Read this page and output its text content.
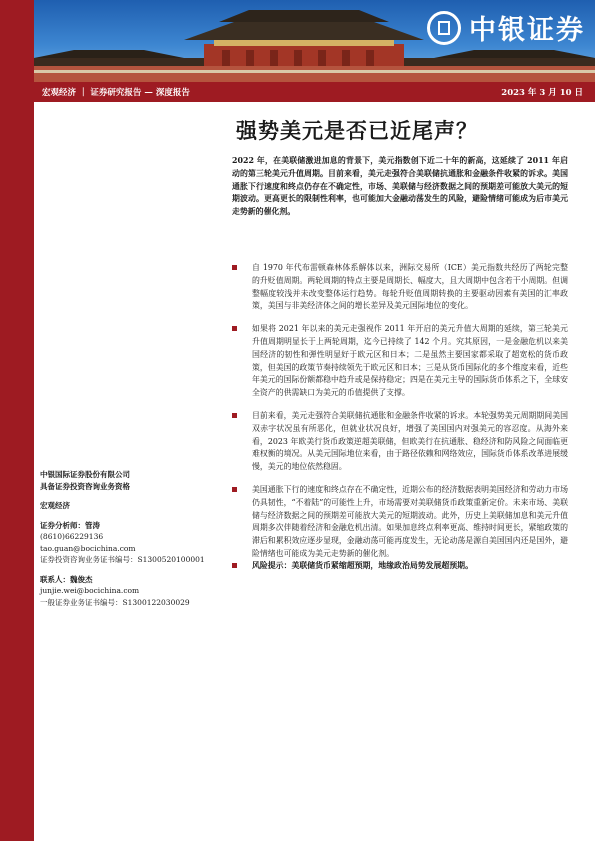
中银证券
宏观经济 ｜ 证券研究报告 — 深度报告	2023 年 3 月 10 日
强势美元是否已近尾声？
2022 年，在美联储激进加息的背景下，美元指数创下近二十年的新高，这延续了 2011 年启动的第三轮美元升值周期。目前来看，美元走强符合美联储抗通胀和金融条件收紧的诉求。美国通胀下行速度和终点仍存在不确定性，市场、美联储与经济数据之间的预期差可能放大美元的短期波动。更高更长的限制性利率，也可能加大金融动荡发生的风险，避险情绪可能成为后市美元走势新的催化剂。
自 1970 年代布雷顿森林体系解体以来，洲际交易所（ICE）美元指数共经历了两轮完整的升贬值周期。两轮周期的特点主要是周期长、幅度大，且大周期中包含若干小周期。但调整幅度较浅并未改变整体运行趋势。每轮升贬值周期转换的主要驱动因素有美国的汇率政策，美国与非美经济体之间的增长差异及美元国际地位的变化。
如果将 2021 年以来的美元走强视作 2011 年开启的美元升值大周期的延续，第三轮美元升值周期明显长于上两轮周期，迄今已持续了 142 个月。究其原因，一是金融危机以来美国经济的韧性和弹性明显好于欧元区和日本；二是虽然主要国家都采取了超宽松的货币政策，但美国的政策节奏持续领先于欧元区和日本；三是从货币国际化的多个维度来看，近些年美元的国际份额都稳中趋升或是保持稳定；四是在美元主导的国际货币体系之下，全球安全资产的供需缺口为美元的币值提供了支撑。
目前来看，美元走强符合美联储抗通胀和金融条件收紧的诉求。本轮强势美元周期期间美国双赤字状况虽有所恶化，但就业状况良好，增强了美国国内对强美元的容忍度。从海外来看，2023 年欧美行货币政策逆超美联储，但欧美行在抗通胀、稳经济和防风险之间面临更难权衡的境况。从美元国际地位来看，由于路径依赖和网络效应，国际货币体系改革进展缓慢，美元的地位依然稳固。
美国通胀下行的速度和终点存在不确定性，近期公布的经济数据表明美国经济和劳动力市场仍具韧性，“不着陆”的可能性上升，市场需要对美联储货币政策重新定价。未来市场、美联储与经济数据之间的预期差可能放大美元的短期波动。此外，历史上美联储加息和美元升值周期多次伴随着经济和金融危机出清。如果加息终点利率更高、维持时间更长，紧缩政策的滞后和累积效应逐步显现，金融动荡可能再度发生，无论动荡是源自美国国内还是国外，避险情绪也可能成为美元走势新的催化剂。
风险提示：美联储货币紧缩超预期，地缘政治局势发展超预期。
中银国际证券股份有限公司
具备证券投资咨询业务资格
宏观经济
证券分析师：管涛
(8610)66229136
tao.guan@bocichina.com
证券投资咨询业务证书编号：S1300520100001
联系人：魏俊杰
junjie.wei@bocichina.com
一般证券业务证书编号：S1300122030029
